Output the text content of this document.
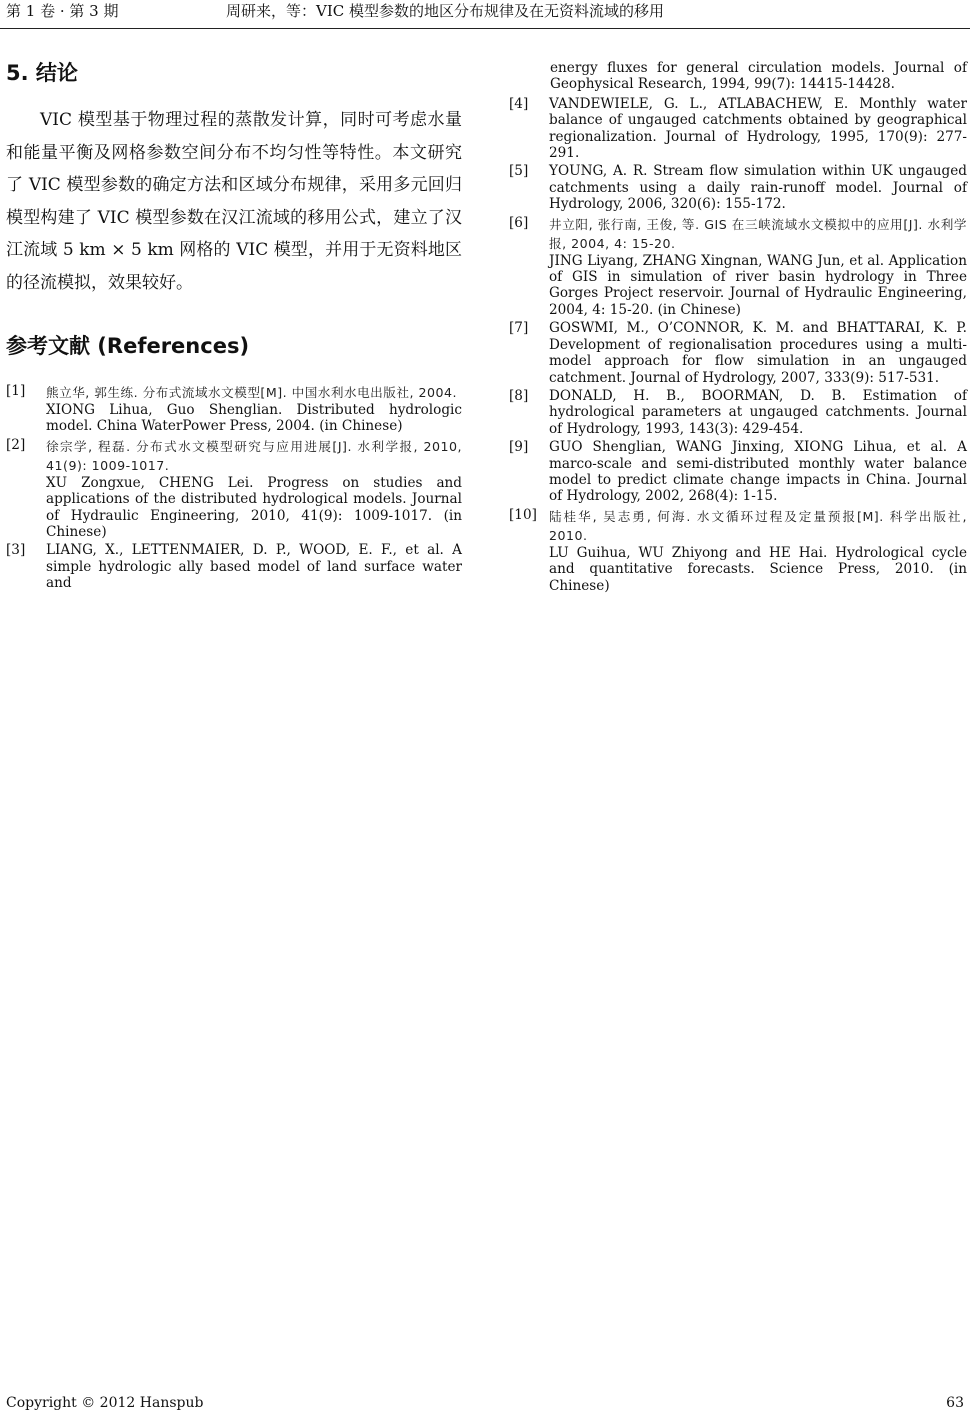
第 1 卷 · 第 3 期	周研来，等：VIC 模型参数的地区分布规律及在无资料流域的移用
5. 结论

VIC 模型基于物理过程的蒸散发计算，同时可考虑水量和能量平衡及网格参数空间分布不均匀性等特性。本文研究了 VIC 模型参数的确定方法和区域分布规律，采用多元回归模型构建了 VIC 模型参数在汉江流域的移用公式，建立了汉江流域 5 km × 5 km 网格的 VIC 模型，并用于无资料地区的径流模拟，效果较好。

参考文献 (References)
[1]	熊立华, 郭生练. 分布式流域水文模型[M]. 中国水利水电出版社, 2004.
XIONG Lihua, Guo Shenglian. Distributed hydrologic model. China WaterPower Press, 2004. (in Chinese)
[2]	徐宗学, 程磊. 分布式水文模型研究与应用进展[J]. 水利学报, 2010, 41(9): 1009-1017.
XU Zongxue, CHENG Lei. Progress on studies and applications of the distributed hydrological models. Journal of Hydraulic Engineering, 2010, 41(9): 1009-1017. (in Chinese)
[3]	LIANG, X., LETTENMAIER, D. P., WOOD, E. F., et al. A simple hydrologic ally based model of land surface water and
energy fluxes for general circulation models. Journal of Geophysical Research, 1994, 99(7): 14415-14428.
[4]	VANDEWIELE, G. L., ATLABACHEW, E. Monthly water balance of ungauged catchments obtained by geographical regionalization. Journal of Hydrology, 1995, 170(9): 277-291.
[5]	YOUNG, A. R. Stream flow simulation within UK ungauged catchments using a daily rain-runoff model. Journal of Hydrology, 2006, 320(6): 155-172.
[6]	井立阳, 张行南, 王俊, 等. GIS 在三峡流域水文模拟中的应用[J]. 水利学报, 2004, 4: 15-20.
JING Liyang, ZHANG Xingnan, WANG Jun, et al. Application of GIS in simulation of river basin hydrology in Three Gorges Project reservoir. Journal of Hydraulic Engineering, 2004, 4: 15-20. (in Chinese)
[7]	GOSWMI, M., O’CONNOR, K. M. and BHATTARAI, K. P. Development of regionalisation procedures using a multi-model approach for flow simulation in an ungauged catchment. Journal of Hydrology, 2007, 333(9): 517-531.
[8]	DONALD, H. B., BOORMAN, D. B. Estimation of hydrological parameters at ungauged catchments. Journal of Hydrology, 1993, 143(3): 429-454.
[9]	GUO Shenglian, WANG Jinxing, XIONG Lihua, et al. A marco-scale and semi-distributed monthly water balance model to predict climate change impacts in China. Journal of Hydrology, 2002, 268(4): 1-15.
[10] 陆桂华, 吴志勇, 何海. 水文循环过程及定量预报[M]. 科学出版社, 2010.
LU Guihua, WU Zhiyong and HE Hai. Hydrological cycle and quantitative forecasts. Science Press, 2010. (in Chinese)
Copyright © 2012 Hanspub	63
